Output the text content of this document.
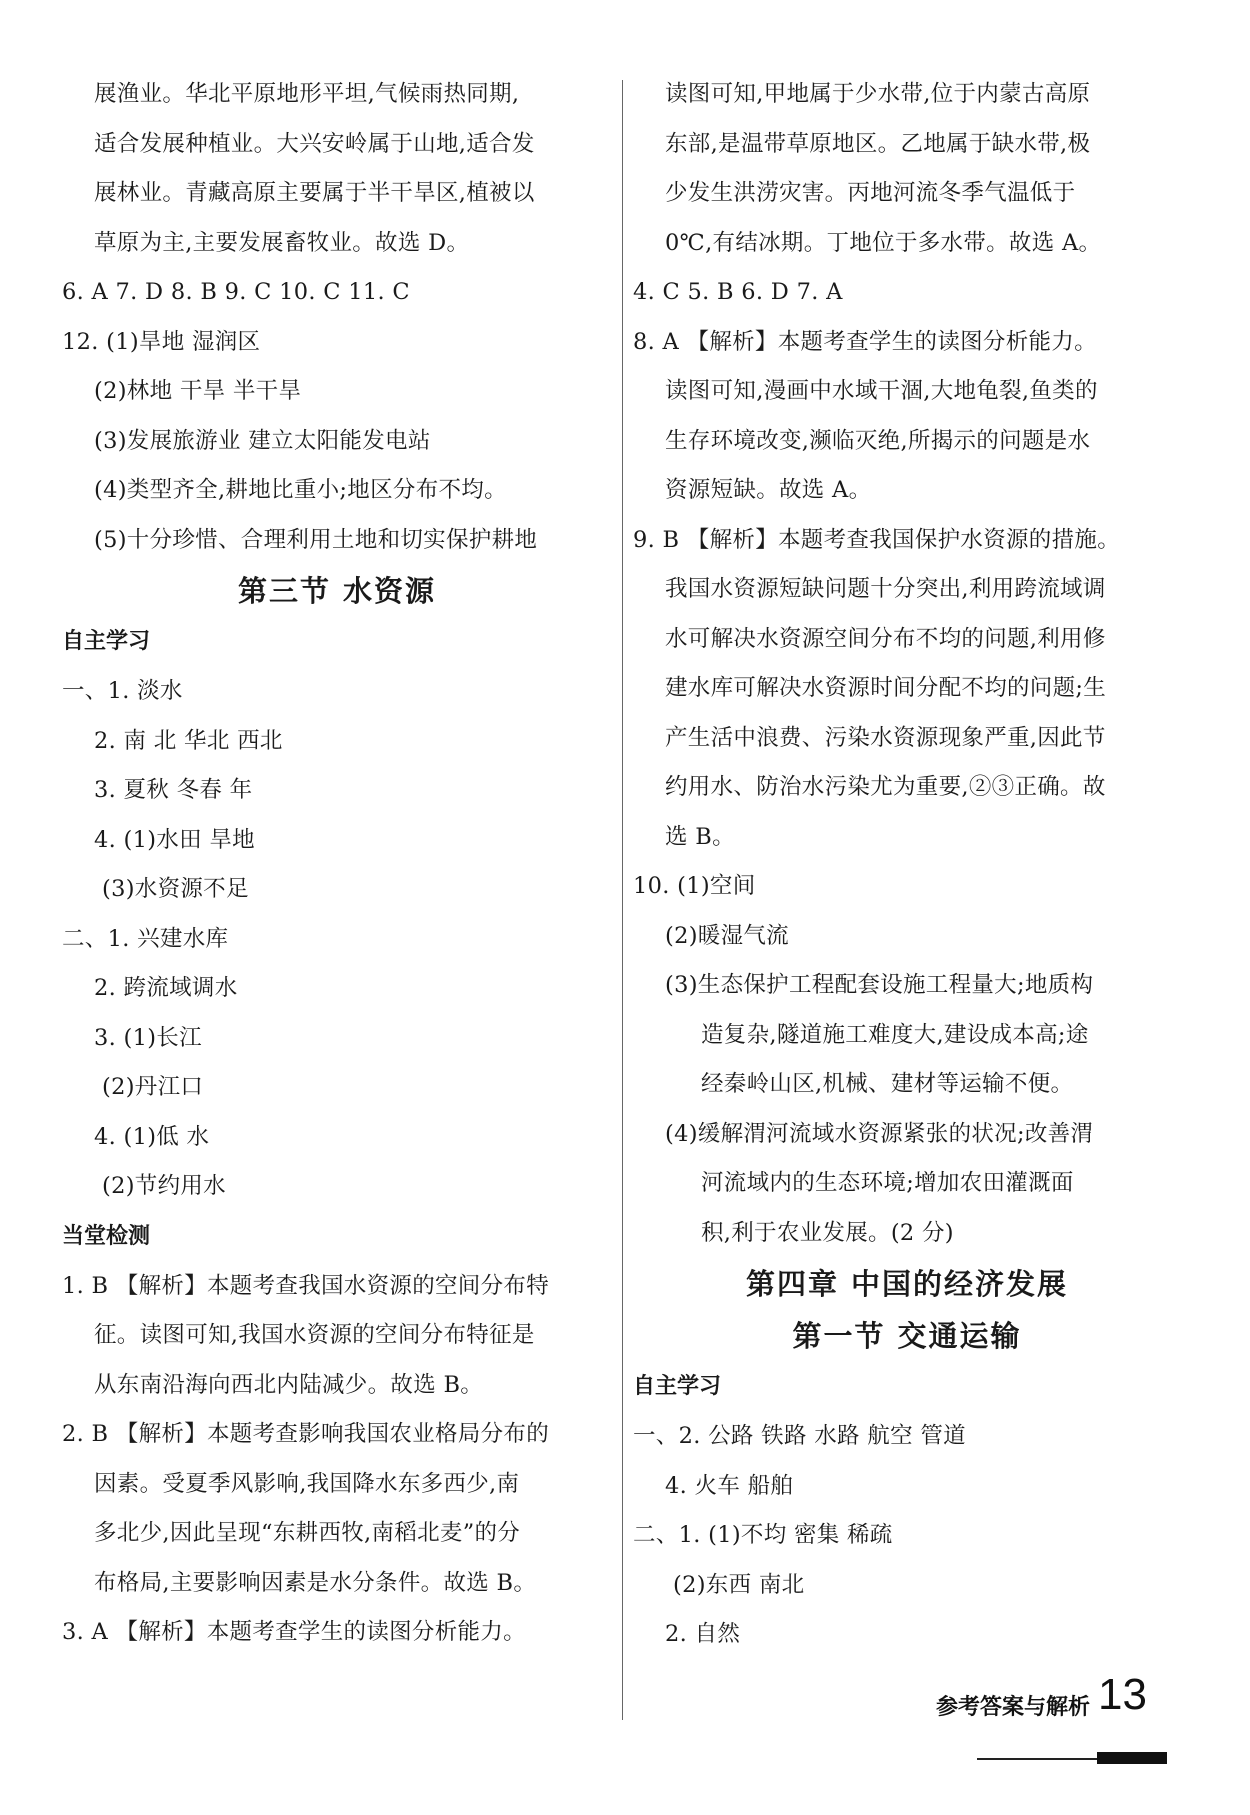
展渔业。华北平原地形平坦,气候雨热同期,
适合发展种植业。大兴安岭属于山地,适合发
展林业。青藏高原主要属于半干旱区,植被以
草原为主,主要发展畜牧业。故选 D。
6. A 7. D 8. B 9. C 10. C 11. C
12. (1)旱地 湿润区
(2)林地 干旱 半干旱
(3)发展旅游业 建立太阳能发电站
(4)类型齐全,耕地比重小;地区分布不均。
(5)十分珍惜、合理利用土地和切实保护耕地
第三节 水资源
自主学习
一、1. 淡水
2. 南 北 华北 西北
3. 夏秋 冬春 年
4. (1)水田 旱地
(3)水资源不足
二、1. 兴建水库
2. 跨流域调水
3. (1)长江
(2)丹江口
4. (1)低 水
(2)节约用水
当堂检测
1. B 【解析】本题考查我国水资源的空间分布特
征。读图可知,我国水资源的空间分布特征是
从东南沿海向西北内陆减少。故选 B。
2. B 【解析】本题考查影响我国农业格局分布的
因素。受夏季风影响,我国降水东多西少,南
多北少,因此呈现“东耕西牧,南稻北麦”的分
布格局,主要影响因素是水分条件。故选 B。
3. A 【解析】本题考查学生的读图分析能力。
读图可知,甲地属于少水带,位于内蒙古高原
东部,是温带草原地区。乙地属于缺水带,极
少发生洪涝灾害。丙地河流冬季气温低于
0℃,有结冰期。丁地位于多水带。故选 A。
4. C 5. B 6. D 7. A
8. A 【解析】本题考查学生的读图分析能力。
读图可知,漫画中水域干涸,大地龟裂,鱼类的
生存环境改变,濒临灭绝,所揭示的问题是水
资源短缺。故选 A。
9. B 【解析】本题考查我国保护水资源的措施。
我国水资源短缺问题十分突出,利用跨流域调
水可解决水资源空间分布不均的问题,利用修
建水库可解决水资源时间分配不均的问题;生
产生活中浪费、污染水资源现象严重,因此节
约用水、防治水污染尤为重要,②③正确。故
选 B。
10. (1)空间
(2)暖湿气流
(3)生态保护工程配套设施工程量大;地质构
造复杂,隧道施工难度大,建设成本高;途
经秦岭山区,机械、建材等运输不便。
(4)缓解渭河流域水资源紧张的状况;改善渭
河流域内的生态环境;增加农田灌溉面
积,利于农业发展。(2 分)
第四章 中国的经济发展
第一节 交通运输
自主学习
一、2. 公路 铁路 水路 航空 管道
4. 火车 船舶
二、1. (1)不均 密集 稀疏
(2)东西 南北
2. 自然
参考答案与解析 13
